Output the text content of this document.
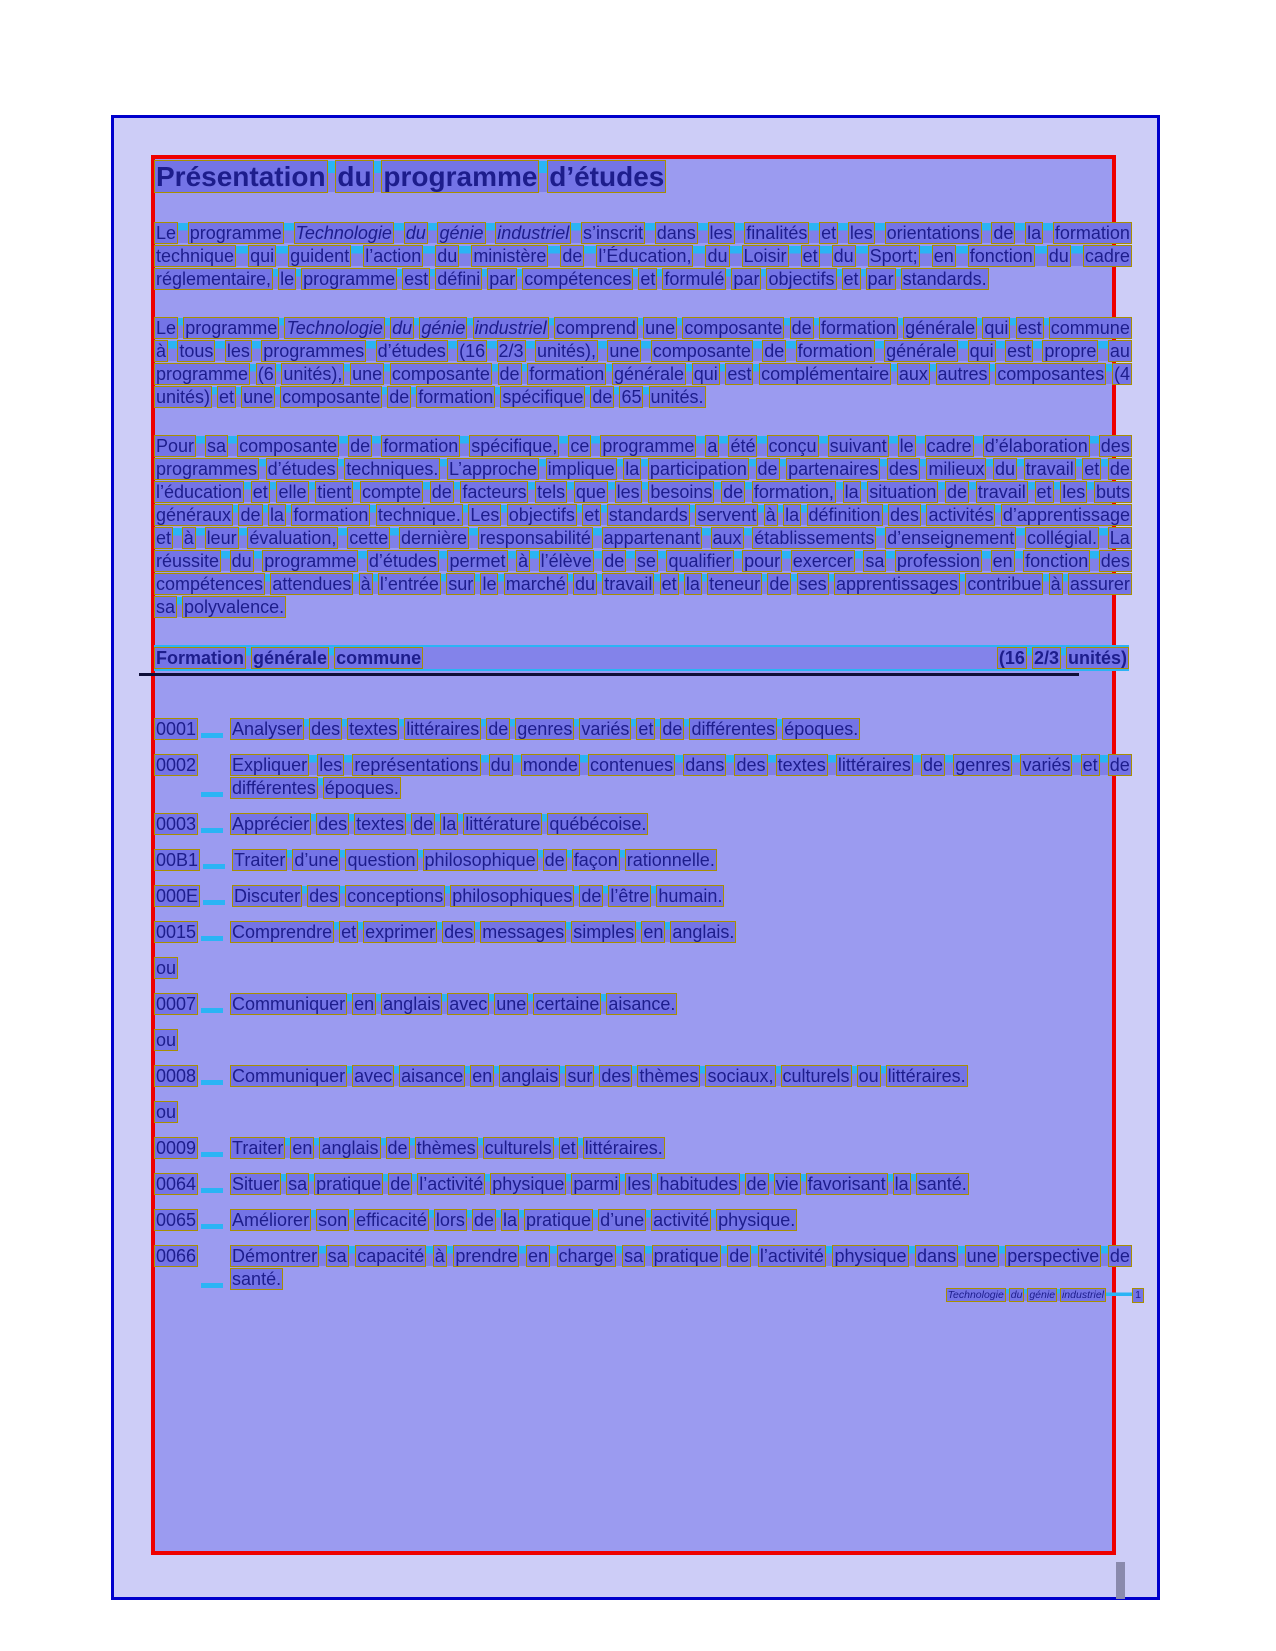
Présentation du programme d’études

Le programme Technologie du génie industriel s’inscrit dans les finalités et les orientations de la formation technique qui guident l’action du ministère de l’Éducation, du Loisir et du Sport; en fonction du cadre réglementaire, le programme est défini par compétences et formulé par objectifs et par standards.

Le programme Technologie du génie industriel comprend une composante de formation générale qui est commune à tous les programmes d’études (16 2/3 unités), une composante de formation générale qui est propre au programme (6 unités), une composante de formation générale qui est complémentaire aux autres composantes (4 unités) et une composante de formation spécifique de 65 unités.

Pour sa composante de formation spécifique, ce programme a été conçu suivant le cadre d’élaboration des programmes d’études techniques. L’approche implique la participation de partenaires des milieux du travail et de l’éducation et elle tient compte de facteurs tels que les besoins de formation, la situation de travail et les buts généraux de la formation technique. Les objectifs et standards servent à la définition des activités d’apprentissage et à leur évaluation, cette dernière responsabilité appartenant aux établissements d’enseignement collégial. La réussite du programme d’études permet à l’élève de se qualifier pour exercer sa profession en fonction des compétences attendues à l’entrée sur le marché du travail et la teneur de ses apprentissages contribue à assurer sa polyvalence.

Formation générale commune	(16 2/3 unités)
0001 Analyser des textes littéraires de genres variés et de différentes époques.
0002 Expliquer les représentations du monde contenues dans des textes littéraires de genres variés et de différentes époques.
0003 Apprécier des textes de la littérature québécoise.
00B1 Traiter d’une question philosophique de façon rationnelle.
000E Discuter des conceptions philosophiques de l’être humain.
0015 Comprendre et exprimer des messages simples en anglais.
ou
0007 Communiquer en anglais avec une certaine aisance.
ou
0008 Communiquer avec aisance en anglais sur des thèmes sociaux, culturels ou littéraires.
ou
0009 Traiter en anglais de thèmes culturels et littéraires.
0064 Situer sa pratique de l’activité physique parmi les habitudes de vie favorisant la santé.
0065 Améliorer son efficacité lors de la pratique d’une activité physique.
0066 Démontrer sa capacité à prendre en charge sa pratique de l’activité physique dans une perspective de santé.
Technologie du génie industriel	1
